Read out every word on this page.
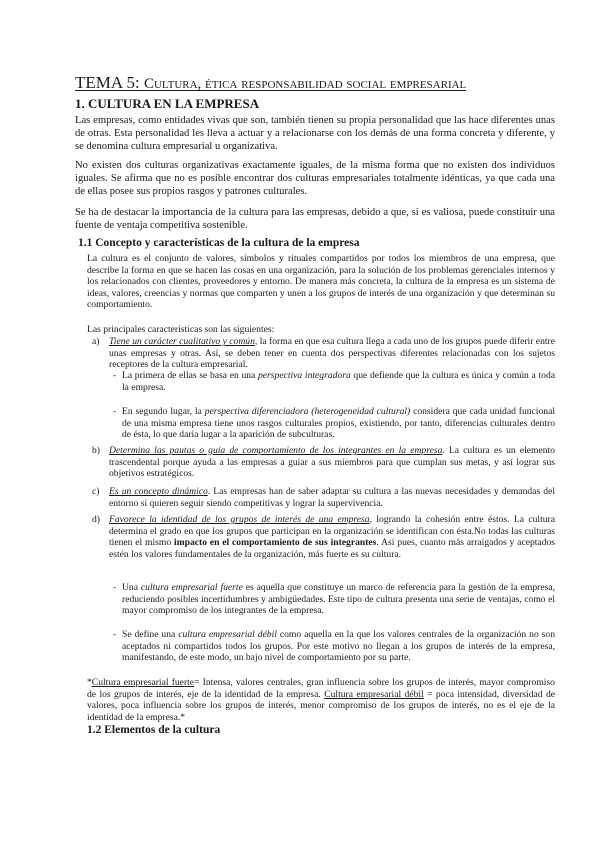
TEMA 5: Cultura, ética responsabilidad social empresarial
1. CULTURA EN LA EMPRESA
Las empresas, como entidades vivas que son, también tienen su propia personalidad que las hace diferentes unas de otras. Esta personalidad les lleva a actuar y a relacionarse con los demás de una forma concreta y diferente, y se denomina cultura empresarial u organizativa.
No existen dos culturas organizativas exactamente iguales, de la misma forma que no existen dos individuos iguales. Se afirma que no es posible encontrar dos culturas empresariales totalmente idénticas, ya que cada una de ellas posee sus propios rasgos y patrones culturales.
Se ha de destacar la importancia de la cultura para las empresas, debido a que, si es valiosa, puede constituir una fuente de ventaja competitiva sostenible.
1.1 Concepto y características de la cultura de la empresa
La cultura es el conjunto de valores, símbolos y rituales compartidos por todos los miembros de una empresa, que describe la forma en que se hacen las cosas en una organización, para la solución de los problemas gerenciales internos y los relacionados con clientes, proveedores y entorno. De manera más concreta, la cultura de la empresa es un sistema de ideas, valores, creencias y normas que comparten y unen a los grupos de interés de una organización y que determinan su comportamiento.
Las principales características son las siguientes:
a) Tiene un carácter cualitativo y común, la forma en que esa cultura llega a cada uno de los grupos puede diferir entre unas empresas y otras. Así, se deben tener en cuenta dos perspectivas diferentes relacionadas con los sujetos receptores de la cultura empresarial.
- La primera de ellas se basa en una perspectiva integradora que defiende que la cultura es única y común a toda la empresa.
- En segundo lugar, la perspectiva diferenciadora (heterogeneidad cultural) considera que cada unidad funcional de una misma empresa tiene unos rasgos culturales propios, existiendo, por tanto, diferencias culturales dentro de ésta, lo que daría lugar a la aparición de subculturas.
b) Determina las pautas o guía de comportamiento de los integrantes en la empresa. La cultura es un elemento trascendental porque ayuda a las empresas a guiar a sus miembros para que cumplan sus metas, y así lograr sus objetivos estratégicos.
c) Es un concepto dinámico. Las empresas han de saber adaptar su cultura a las nuevas necesidades y demandas del entorno si quieren seguir siendo competitivas y lograr la supervivencia.
d) Favorece la identidad de los grupos de interés de una empresa, logrando la cohesión entre éstos. La cultura determina el grado en que los grupos que participan en la organización se identifican con ésta.No todas las culturas tienen el mismo impacto en el comportamiento de sus integrantes. Así pues, cuanto más arraigados y aceptados estén los valores fundamentales de la organización, más fuerte es su cultura.
- Una cultura empresarial fuerte es aquella que constituye un marco de referencia para la gestión de la empresa, reduciendo posibles incertidumbres y ambigüedades. Este tipo de cultura presenta una serie de ventajas, como el mayor compromiso de los integrantes de la empresa.
- Se define una cultura empresarial débil como aquella en la que los valores centrales de la organización no son aceptados ni compartidos todos los grupos. Por este motivo no llegan a los grupos de interés de la empresa, manifestando, de este modo, un bajo nivel de comportamiento por su parte.
*Cultura empresarial fuerte= Intensa, valores centrales, gran influencia sobre los grupos de interés, mayor compromiso de los grupos de interés, eje de la identidad de la empresa. Cultura empresarial débil = poca intensidad, diversidad de valores, poca influencia sobre los grupos de interés, menor compromiso de los grupos de interés, no es el eje de la identidad de la empresa.*
1.2 Elementos de la cultura
